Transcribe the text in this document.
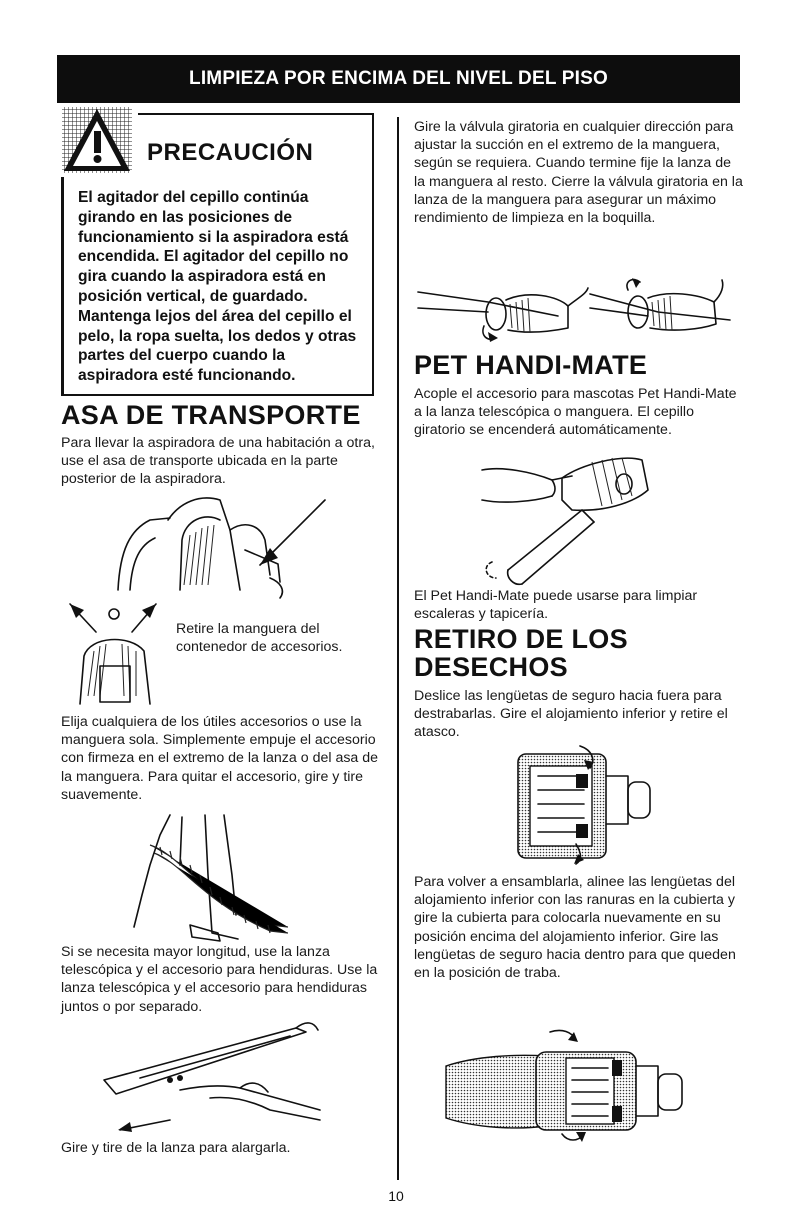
LIMPIEZA POR ENCIMA DEL NIVEL DEL PISO
PRECAUCIÓN
El agitador del cepillo continúa girando en las posiciones de funcionamiento si la aspiradora está encendida. El agitador del cepillo no gira cuando la aspiradora está en posición vertical, de guardado. Mantenga lejos del área del cepillo el pelo, la ropa suelta, los dedos y otras partes del cuerpo cuando la aspiradora esté funcionando.
ASA DE TRANSPORTE
Para llevar la aspiradora de una habitación a otra, use el asa de transporte ubicada en la parte posterior de la aspiradora.
Retire la manguera del contenedor de accesorios.
Elija cualquiera de los útiles accesorios o use la manguera sola. Simplemente empuje el accesorio con firmeza en el extremo de la lanza o del asa de la manguera. Para quitar el accesorio, gire y tire suavemente.
Si se necesita mayor longitud, use la lanza telescópica y el accesorio para hendiduras. Use la lanza telescópica y el accesorio para hendiduras juntos o por separado.
Gire y tire de la lanza para alargarla.
Gire la válvula giratoria en cualquier dirección para ajustar la succión en el extremo de la manguera, según se requiera. Cuando termine fije la lanza de la manguera al resto. Cierre la válvula giratoria en la lanza de la manguera para asegurar un máximo rendimiento de limpieza en la boquilla.
PET HANDI-MATE
Acople el accesorio para mascotas Pet Handi-Mate a la lanza telescópica o manguera. El cepillo giratorio se encenderá automáticamente.
El Pet Handi-Mate puede usarse para limpiar escaleras y tapicería.
RETIRO DE LOS
DESECHOS
Deslice las lengüetas de seguro hacia fuera para destrabarlas. Gire el alojamiento inferior y retire el atasco.
Para volver a ensamblarla, alinee las lengüetas del alojamiento inferior con las ranuras en la cubierta y gire la cubierta para colocarla nuevamente en su posición encima del alojamiento inferior. Gire las lengüetas de seguro hacia dentro para que queden en la posición de traba.
10
